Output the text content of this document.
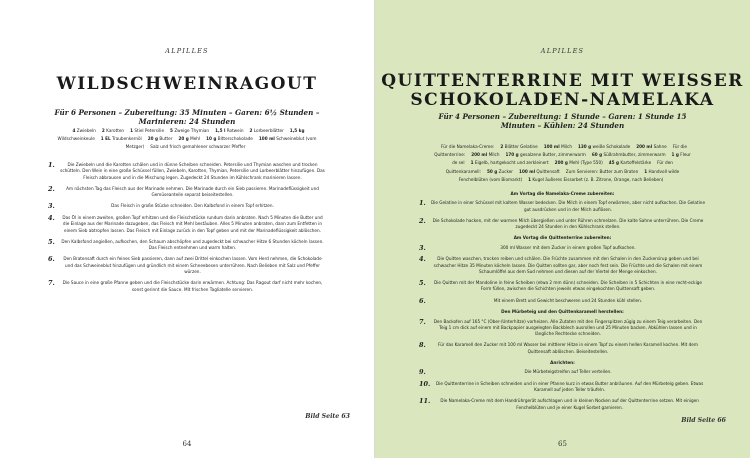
ALPILLES
WILDSCHWEINRAGOUT
Für 6 Personen – Zubereitung: 35 Minuten – Garen: 6½ Stunden – Marinieren: 24 Stunden
4 Zwiebeln 2 Karotten 1 Stiel Petersilie 5 Zweige Thymian 1,5 l Rotwein 2 Lorbeerblätter 1,5 kg Wildschweinkeule 1 EL Traubenkernöl 20 g Butter 20 g Mehl 10 g Bitterschokolade 100 ml Schweineblut (vom Metzger) Salz und frisch gemahlener schwarzer Pfeffer
1.	Die Zwiebeln und die Karotten schälen und in dünne Scheiben schneiden. Petersilie und Thymian waschen und trocken schütteln. Den Wein in eine große Schüssel füllen, Zwiebeln, Karotten, Thymian, Petersilie und Lorbeerblätter hinzufügen. Das Fleisch abbrausen und in die Mischung legen. Zugedeckt 24 Stunden im Kühlschrank marinieren lassen.
2.	Am nächsten Tag das Fleisch aus der Marinade nehmen. Die Marinade durch ein Sieb passieren. Marinadeflüssigkeit und Gemüseanteile separat beiseitestellen.
3.	Das Fleisch in große Stücke schneiden. Den Kalbsfond in einem Topf erhitzen.
4.	Das Öl in einem zweiten, großen Topf erhitzen und die Fleischstücke rundum darin anbraten. Nach 5 Minuten die Butter und die Einlage aus der Marinade dazugeben, das Fleisch mit Mehl bestäuben. Alles 5 Minuten anbraten, dann zum Entfetten in einem Sieb abtropfen lassen. Das Fleisch mit Einlage zurück in den Topf geben und mit der Marinadeflüssigkeit ablöschen.
5.	Den Kalbsfond angießen, aufkochen, den Schaum abschöpfen und zugedeckt bei schwacher Hitze 6 Stunden köcheln lassen. Das Fleisch entnehmen und warm halten.
6.	Den Bratensaft durch ein feines Sieb passieren, dann auf zwei Drittel einkochen lassen. Vom Herd nehmen, die Schokolade und das Schweineblut hinzufügen und gründlich mit einem Schneebesen unterrühren. Nach Belieben mit Salz und Pfeffer würzen.
7.	Die Sauce in eine große Pfanne geben und die Fleischstücke darin erwärmen. Achtung: Das Ragout darf nicht mehr kochen, sonst gerinnt die Sauce. Mit frischen Tagliatelle servieren.
Bild Seite 63
64
ALPILLES
QUITTENTERRINE MIT WEISSER
SCHOKOLADEN-NAMELAKA
Für 4 Personen – Zubereitung: 1 Stunde – Garen: 1 Stunde 15 Minuten – Kühlen: 24 Stunden
Für die Namelaka-Creme: 2 Blätter Gelatine 100 ml Milch 130 g weiße Schokolade 200 ml Sahne Für die Quittenterrine: 200 ml Milch 170 g gesalzene Butter, zimmerwarm 60 g Süßrahmbutter, zimmerwarm 1 g Fleur de sel 1 Eigelb, hartgekocht und zerkleinert 200 g Mehl (Type 550) 45 g Kartoffelstärke Für den Quittenkaramell: 50 g Zucker 100 ml Quittensaft Zum Servieren: Butter zum Braten 1 Handvoll wilde Fenchelblüten (vom Biomarkt) 1 Kugel äußeres Eissorbet (z. B. Zitrone, Orange, nach Belieben)
Am Vortag die Namelaka-Creme zubereiten:
1. Die Gelatine in einer Schüssel mit kaltem Wasser bedecken. Die Milch in einem Topf erwärmen, aber nicht aufkochen. Die Gelatine gut ausdrücken und in der Milch auflösen.
2.	Die Schokolade hacken, mit der warmen Milch übergießen und unter Rühren schmelzen. Die kalte Sahne unterrühren. Die Creme zugedeckt 24 Stunden in den Kühlschrank stellen.
Am Vortag die Quittenterrine zubereiten:
3.	300 ml Wasser mit dem Zucker in einem großen Topf aufkochen.
4.	Die Quitten waschen, trocken reiben und schälen. Die Früchte zusammen mit den Schalen in den Zuckersirup geben und bei schwacher Hitze 35 Minuten köcheln lassen. Die Quitten sollten gar, aber noch fest sein. Die Früchte und die Schalen mit einem Schaumlöffel aus dem Sud nehmen und diesen auf der Viertel der Menge einkochen.
5.	Die Quitten mit der Mandoline in feine Scheiben (etwa 2 mm dünn) schneiden. Die Scheiben in 5 Schichten in eine recht-eckige Form füllen, zwischen die Schichten jeweils etwas eingekochten Quittensaft geben.
6.	Mit einem Brett und Gewicht beschweren und 24 Stunden kühl stellen.
Den Mürbeteig und den Quittenkaramell herstellen:
7.	Den Backofen auf 165 °C (Ober-/Unterhitze) vorheizen. Alle Zutaten mit den Fingerspitzen zügig zu einem Teig verarbeiten. Den Teig 1 cm dick auf einem mit Backpapier ausgelegten Backblech ausrollen und 25 Minuten backen. Abkühlen lassen und in längliche Rechtecke schneiden.
8.	Für das Karamell den Zucker mit 100 ml Wasser bei mittlerer Hitze in einem Topf zu einem hellen Karamell kochen. Mit dem Quittensaft ablöschen. Beiseitestellen.
Anrichten:
9.	Die Mürbeteigstreifen auf Teller verteilen.
10.	Die Quittenterrine in Scheiben schneiden und in einer Pfanne kurz in etwas Butter anbräunen. Auf den Mürbeteig geben. Etwas Karamell auf jeden Teller träufeln.
11.	Die Namelaka-Creme mit dem Handrührgerät aufschlagen und in kleinen Nocken auf der Quittenterrine setzen. Mit einigen Fenchelblüten und je einer Kugel Sorbet garnieren.
Bild Seite 66
65
